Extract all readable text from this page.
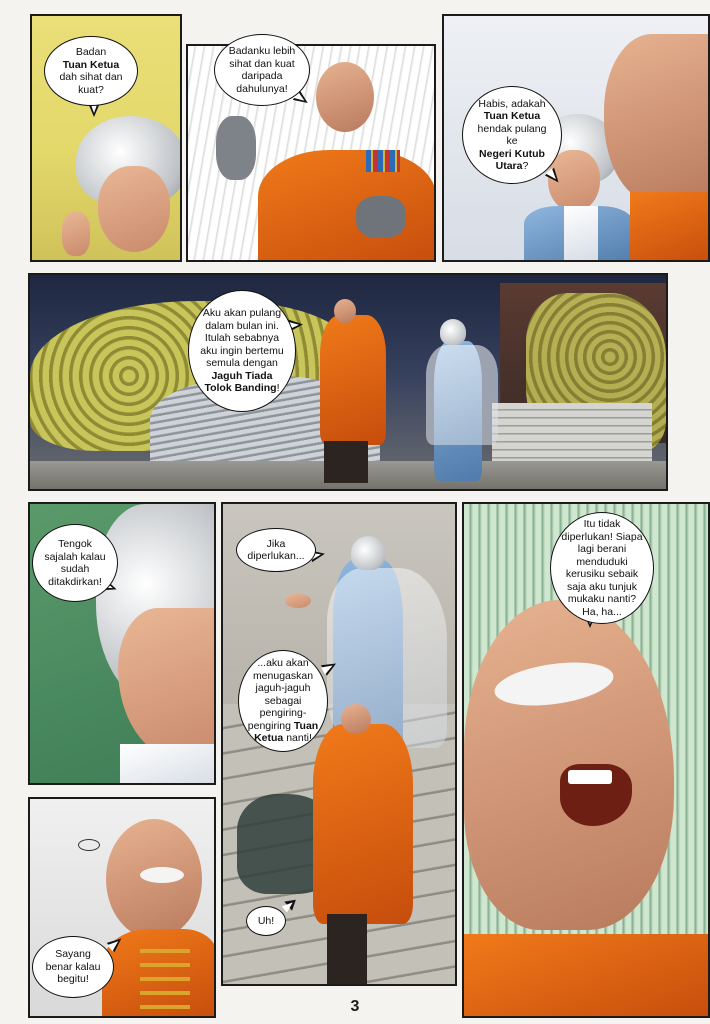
Badan
Tuan Ketua
dah sihat dan kuat?
Badanku lebih sihat dan kuat daripada dahulunya!
Habis, adakah
Tuan Ketua hendak pulang ke
Negeri Kutub Utara?
Aku akan pulang dalam bulan ini. Itulah sebabnya aku ingin bertemu semula dengan Jaguh Tiada Tolok Banding!
Tengok sajalah kalau sudah ditakdirkan!
Jika diperlukan...
...aku akan menugaskan jaguh-jaguh sebagai pengiring-pengiring Tuan Ketua nanti!
Uh!
Itu tidak diperlukan! Siapa lagi berani menduduki kerusiku sebaik saja aku tunjuk mukaku nanti? Ha, ha...
Sayang benar kalau begitu!
3
